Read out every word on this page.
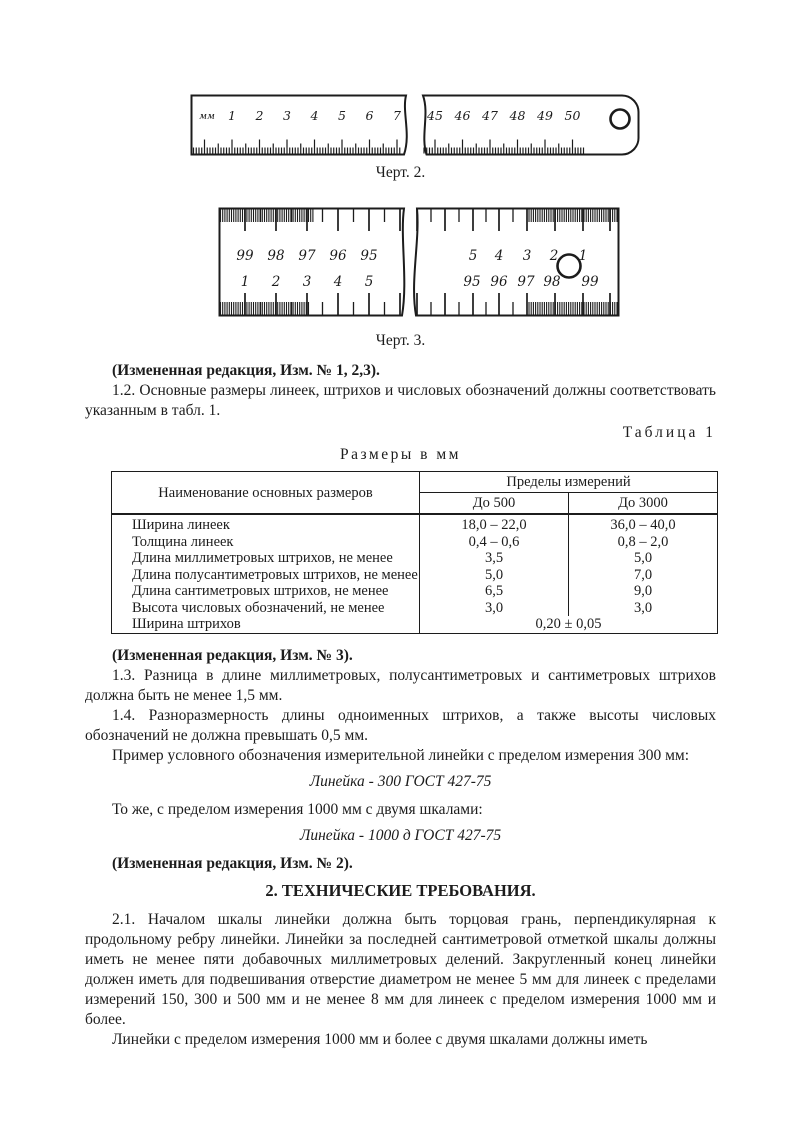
мм 1 2 3 4 5 6 7 45 46 47 48 49 50
Черт. 2.
99 98 97 96 95
1 2 3 4 5
5 4 3 2 1
95 96 97 98 99
Черт. 3.

(Измененная редакция, Изм. № 1, 2,3).

1.2. Основные размеры линеек, штрихов и числовых обозначений должны соответствовать указанным в табл. 1.

Таблица 1
Размеры в мм
Наименование основных размеров	Пределы измерений	
	До 500	До 3000
Ширина линеек	18,0 – 22,0	36,0 – 40,0
Толщина линеек	0,4 – 0,6	0,8 – 2,0
Длина миллиметровых штрихов, не менее	3,5	5,0
Длина полусантиметровых штрихов, не менее	5,0	7,0
Длина сантиметровых штрихов, не менее	6,5	9,0
Высота числовых обозначений, не менее	3,0	3,0
Ширина штрихов	0,20 ± 0,05	

(Измененная редакция, Изм. № 3).

1.3. Разница в длине миллиметровых, полусантиметровых и сантиметровых штрихов должна быть не менее 1,5 мм.

1.4. Разноразмерность длины одноименных штрихов, а также высоты числовых обозначений не должна превышать 0,5 мм.

Пример условного обозначения измерительной линейки с пределом измерения 300 мм:

Линейка - 300 ГОСТ 427-75

То же, с пределом измерения 1000 мм с двумя шкалами:

Линейка - 1000 д ГОСТ 427-75

(Измененная редакция, Изм. № 2).

2. ТЕХНИЧЕСКИЕ ТРЕБОВАНИЯ.

2.1. Началом шкалы линейки должна быть торцовая грань, перпендикулярная к продольному ребру линейки. Линейки за последней сантиметровой отметкой шкалы должны иметь не менее пяти добавочных миллиметровых делений. Закругленный конец линейки должен иметь для подвешивания отверстие диаметром не менее 5 мм для линеек с пределами измерений 150, 300 и 500 мм и не менее 8 мм для линеек с пределом измерения 1000 мм и более.

Линейки с пределом измерения 1000 мм и более с двумя шкалами должны иметь
